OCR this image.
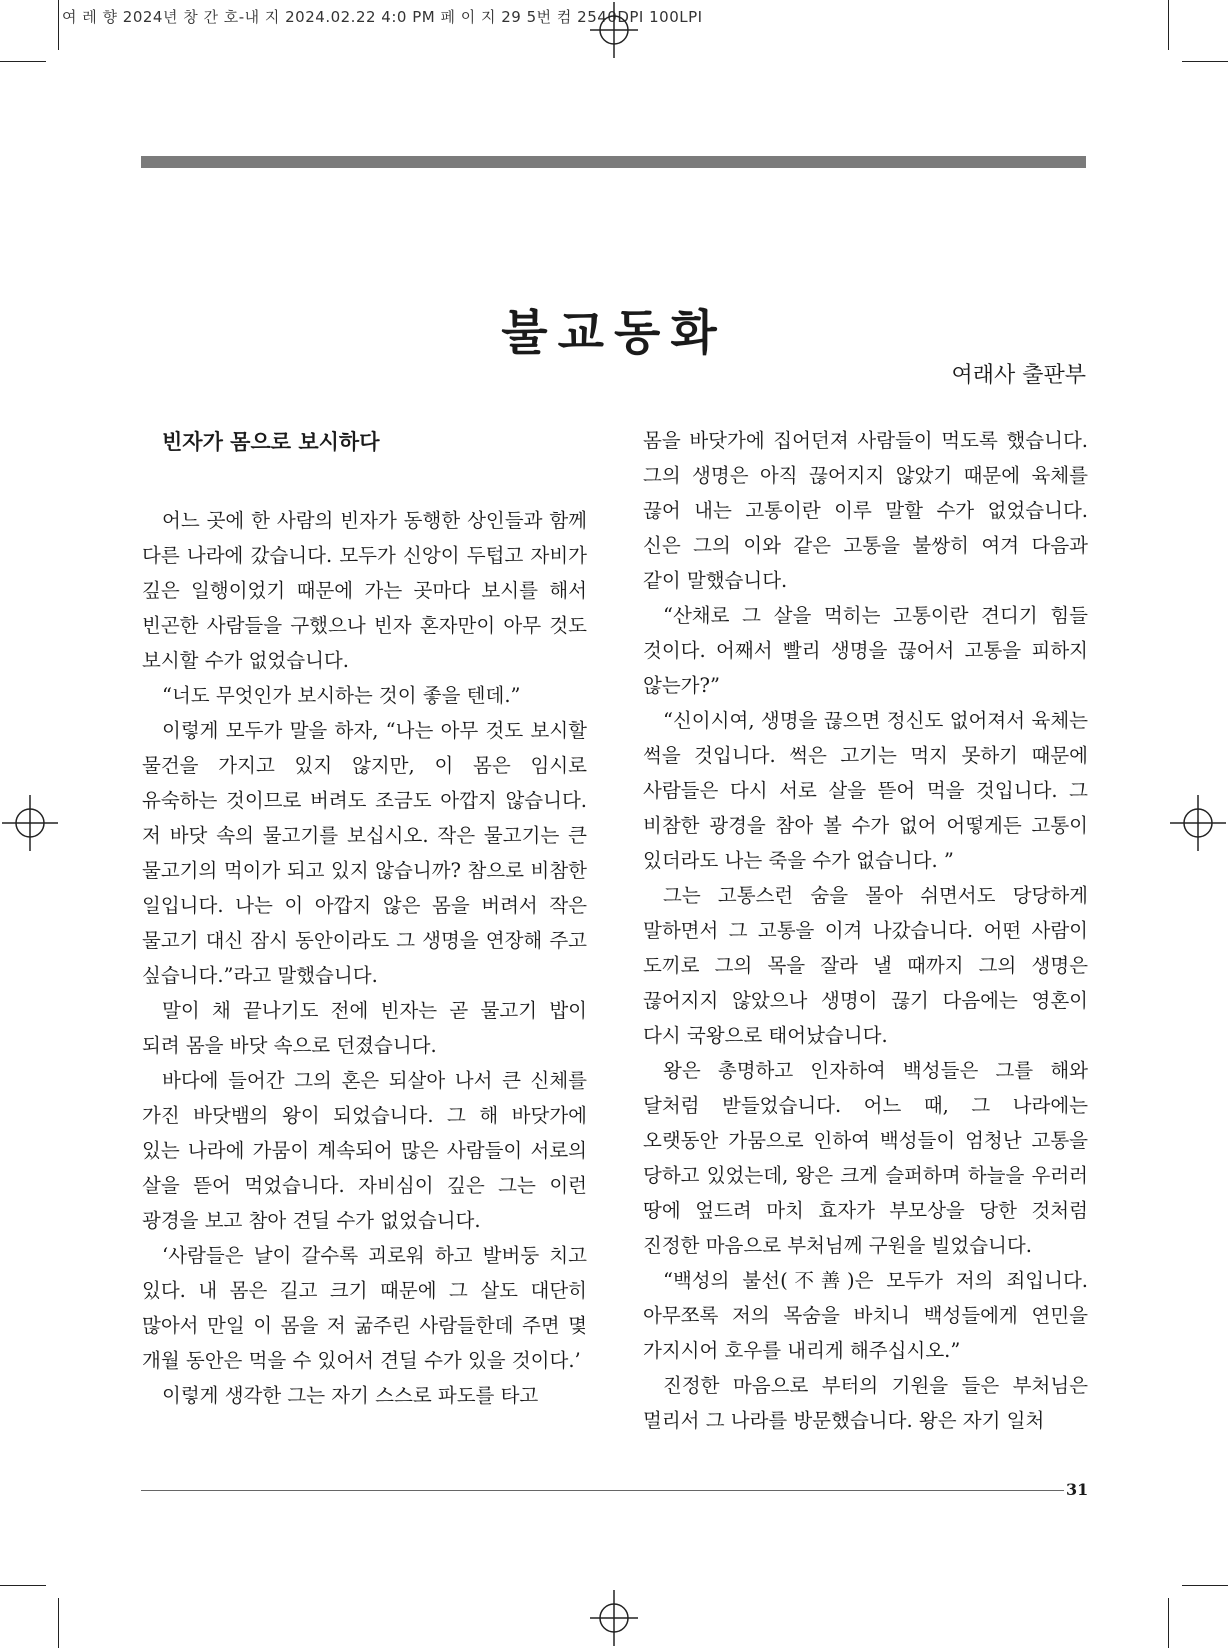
여 레 향 2024년 창 간 호-내 지 2024.02.22 4:0 PM 페 이 지 29 5번 컴 2540DPI 100LPI
불교동화
여래사 출판부
빈자가 몸으로 보시하다

어느 곳에 한 사람의 빈자가 동행한 상인들과 함께 다른 나라에 갔습니다. 모두가 신앙이 두텁고 자비가 깊은 일행이었기 때문에 가는 곳마다 보시를 해서 빈곤한 사람들을 구했으나 빈자 혼자만이 아무 것도 보시할 수가 없었습니다.

“너도 무엇인가 보시하는 것이 좋을 텐데.”

이렇게 모두가 말을 하자, “나는 아무 것도 보시할 물건을 가지고 있지 않지만, 이 몸은 임시로 유숙하는 것이므로 버려도 조금도 아깝지 않습니다. 저 바닷 속의 물고기를 보십시오. 작은 물고기는 큰 물고기의 먹이가 되고 있지 않습니까? 참으로 비참한 일입니다. 나는 이 아깝지 않은 몸을 버려서 작은 물고기 대신 잠시 동안이라도 그 생명을 연장해 주고 싶습니다.”라고 말했습니다.

말이 채 끝나기도 전에 빈자는 곧 물고기 밥이 되려 몸을 바닷 속으로 던졌습니다.

바다에 들어간 그의 혼은 되살아 나서 큰 신체를 가진 바닷뱀의 왕이 되었습니다. 그 해 바닷가에 있는 나라에 가뭄이 계속되어 많은 사람들이 서로의 살을 뜯어 먹었습니다. 자비심이 깊은 그는 이런 광경을 보고 참아 견딜 수가 없었습니다.

‘사람들은 날이 갈수록 괴로워 하고 발버둥 치고 있다. 내 몸은 길고 크기 때문에 그 살도 대단히 많아서 만일 이 몸을 저 굶주린 사람들한데 주면 몇 개월 동안은 먹을 수 있어서 견딜 수가 있을 것이다.’

이렇게 생각한 그는 자기 스스로 파도를 타고

몸을 바닷가에 집어던져 사람들이 먹도록 했습니다. 그의 생명은 아직 끊어지지 않았기 때문에 육체를 끊어 내는 고통이란 이루 말할 수가 없었습니다. 신은 그의 이와 같은 고통을 불쌍히 여겨 다음과 같이 말했습니다.

“산채로 그 살을 먹히는 고통이란 견디기 힘들 것이다. 어째서 빨리 생명을 끊어서 고통을 피하지 않는가?”

“신이시여, 생명을 끊으면 정신도 없어져서 육체는 썩을 것입니다. 썩은 고기는 먹지 못하기 때문에 사람들은 다시 서로 살을 뜯어 먹을 것입니다. 그 비참한 광경을 참아 볼 수가 없어 어떻게든 고통이 있더라도 나는 죽을 수가 없습니다. ”

그는 고통스런 숨을 몰아 쉬면서도 당당하게 말하면서 그 고통을 이겨 나갔습니다. 어떤 사람이 도끼로 그의 목을 잘라 낼 때까지 그의 생명은 끊어지지 않았으나 생명이 끊기 다음에는 영혼이 다시 국왕으로 태어났습니다.

왕은 총명하고 인자하여 백성들은 그를 해와 달처럼 받들었습니다. 어느 때, 그 나라에는 오랫동안 가뭄으로 인하여 백성들이 엄청난 고통을 당하고 있었는데, 왕은 크게 슬퍼하며 하늘을 우러러 땅에 엎드려 마치 효자가 부모상을 당한 것처럼 진정한 마음으로 부처님께 구원을 빌었습니다.

“백성의 불선(不善)은 모두가 저의 죄입니다. 아무쪼록 저의 목숨을 바치니 백성들에게 연민을 가지시어 호우를 내리게 해주십시오.”

진정한 마음으로 부터의 기원을 들은 부처님은 멀리서 그 나라를 방문했습니다. 왕은 자기 일처

31
